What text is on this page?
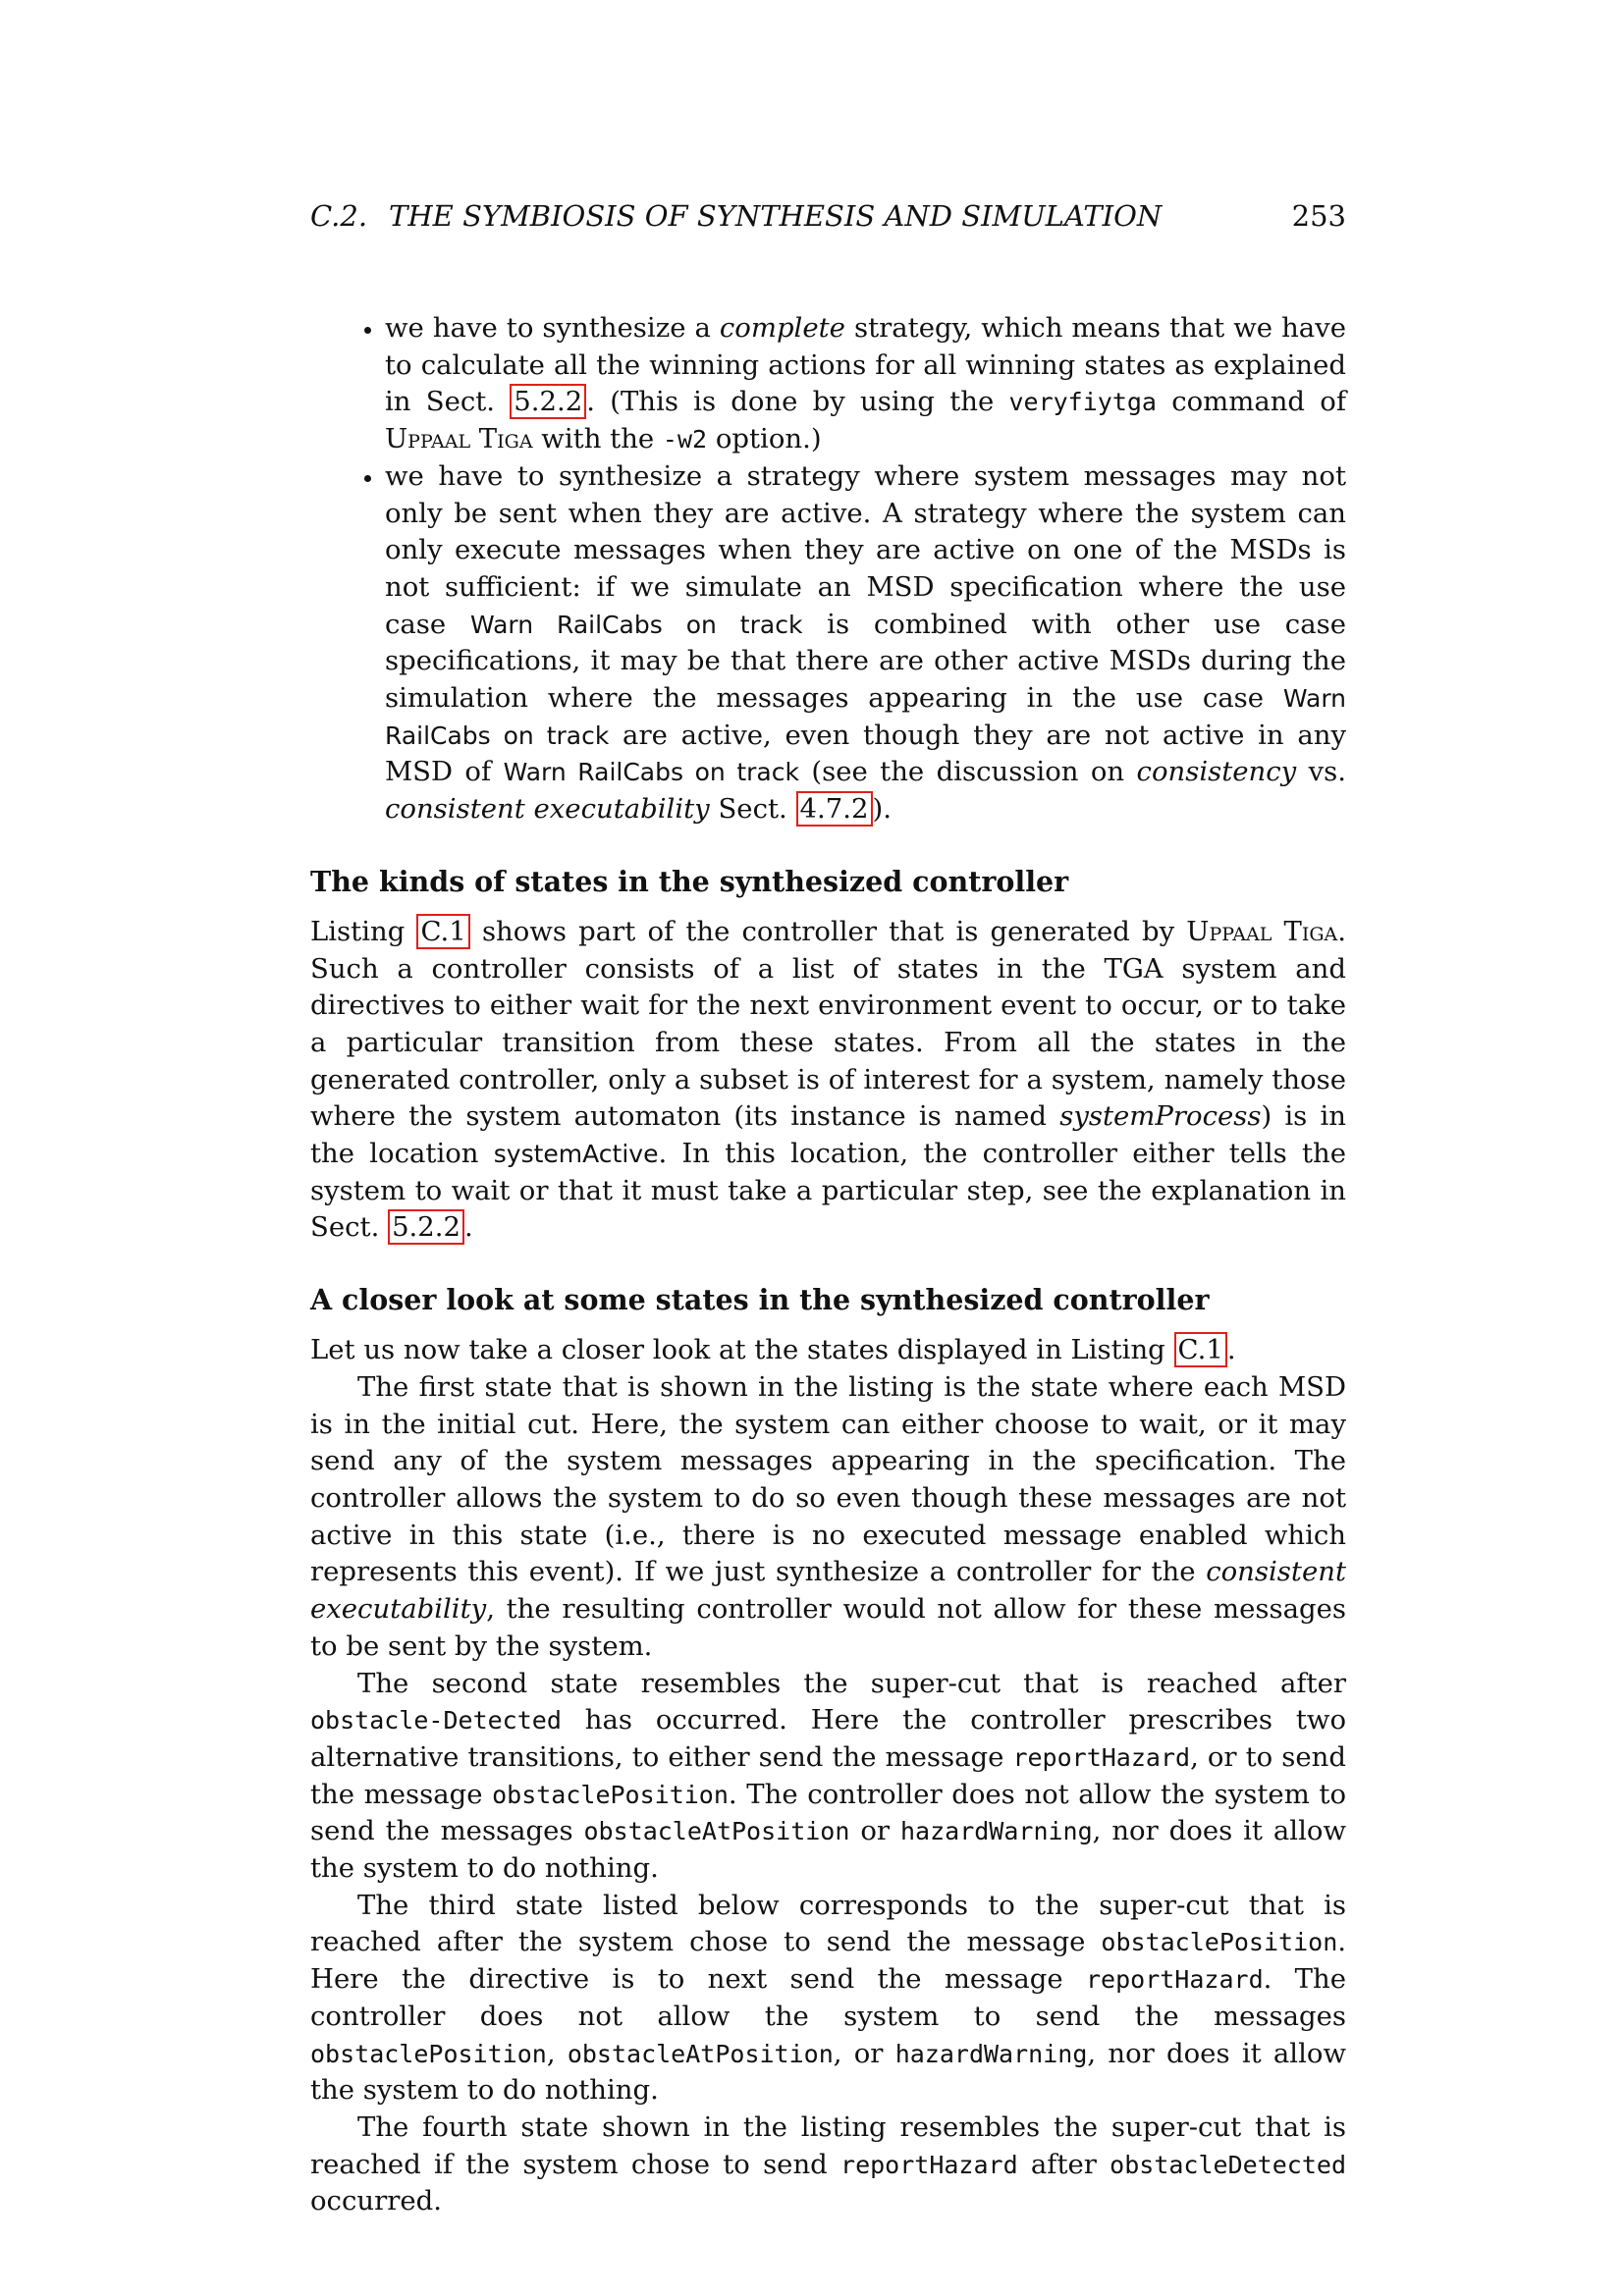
C.2. THE SYMBIOSIS OF SYNTHESIS AND SIMULATION	253
• we have to synthesize a complete strategy, which means that we have to calculate all the winning actions for all winning states as explained in Sect. 5.2.2 . (This is done by using the veryfiytga command of Uppaal Tiga with the -w2 option.)
• we have to synthesize a strategy where system messages may not only be sent when they are active. A strategy where the system can only execute messages when they are active on one of the MSDs is not sufficient: if we simulate an MSD specification where the use case Warn RailCabs on track is combined with other use case specifications, it may be that there are other active MSDs during the simulation where the messages appearing in the use case Warn RailCabs on track are active, even though they are not active in any MSD of Warn RailCabs on track (see the discussion on consistency vs. consistent executability Sect. 4.7.2 ).
The kinds of states in the synthesized controller

Listing C.1 shows part of the controller that is generated by Uppaal Tiga. Such a controller consists of a list of states in the TGA system and directives to either wait for the next environment event to occur, or to take a particular transition from these states. From all the states in the generated controller, only a subset is of interest for a system, namely those where the system automaton (its instance is named systemProcess) is in the location systemActive. In this location, the controller either tells the system to wait or that it must take a particular step, see the explanation in Sect. 5.2.2 .

A closer look at some states in the synthesized controller

Let us now take a closer look at the states displayed in Listing C.1 .

The first state that is shown in the listing is the state where each MSD is in the initial cut. Here, the system can either choose to wait, or it may send any of the system messages appearing in the specification. The controller allows the system to do so even though these messages are not active in this state (i.e., there is no executed message enabled which represents this event). If we just synthesize a controller for the consistent executability, the resulting controller would not allow for these messages to be sent by the system.

The second state resembles the super-cut that is reached after obstacle-Detected has occurred. Here the controller prescribes two alternative transitions, to either send the message reportHazard, or to send the message obstaclePosition. The controller does not allow the system to send the messages obstacleAtPosition or hazardWarning, nor does it allow the system to do nothing.

The third state listed below corresponds to the super-cut that is reached after the system chose to send the message obstaclePosition. Here the directive is to next send the message reportHazard. The controller does not allow the system to send the messages obstaclePosition, obstacleAtPosition, or hazardWarning, nor does it allow the system to do nothing.

The fourth state shown in the listing resembles the super-cut that is reached if the system chose to send reportHazard after obstacleDetected occurred.
